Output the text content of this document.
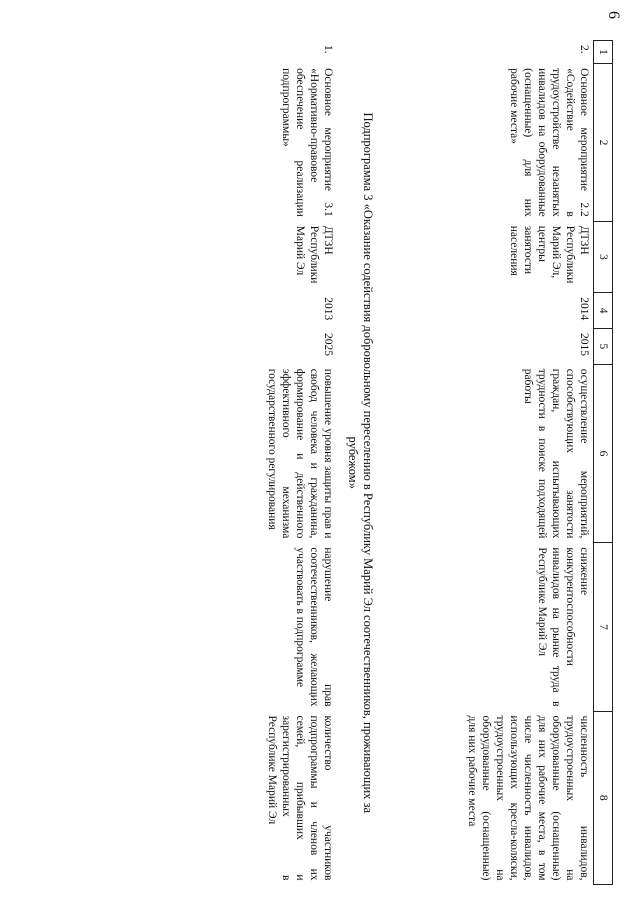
6
1	2	3	4	5	6	7	8
2.	Основное мероприятие 2.2 «Содействие в трудоустройстве незанятых инвалидов на оборудованные (оснащенные) для них рабочие места»	ДТЗН Республики Марий Эл, центры занятости населения	2014	2015	осуществление мероприятий, способствующих занятости граждан, испытывающих трудности в поиске подходящей работы	снижение конкурентоспособности инвалидов на рынке труда в Республике Марий Эл	численность инвалидов, трудоустроенных на оборудованные (оснащенные) для них рабочие места, в том числе численность инвалидов, использующих кресла-коляски, трудоустроенных на оборудованные (оснащенные) для них рабочие места
Подпрограмма 3 «Оказание содействия добровольному переселению в Республику Марий Эл соотечественников, проживающих за рубежом»							
1.	Основное мероприятие 3.1 «Нормативно-правовое обеспечение реализации подпрограммы»	ДТЗН Республики Марий Эл	2013	2025	повышение уровня защиты прав и свобод человека и гражданина, формирование и действенного эффективного механизма государственного регулирования	нарушение прав соотечественников, желающих участвовать в подпрограмме	количество участников подпрограммы и членов их семей, прибывших и зарегистрированных в Республике Марий Эл
